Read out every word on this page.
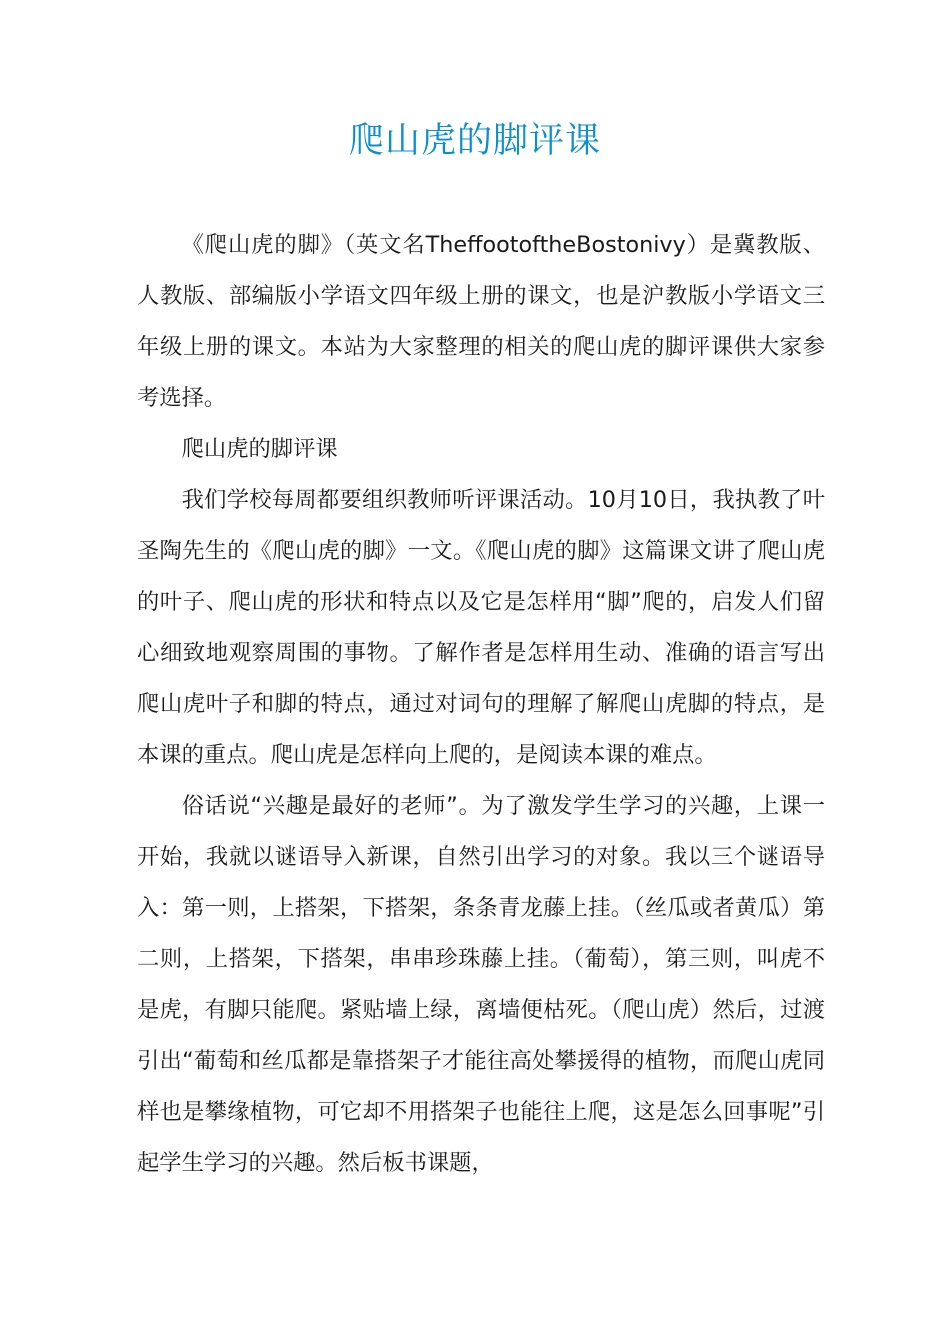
爬山虎的脚评课

《爬山虎的脚》（英文名TheffootoftheBostonivy）是冀教版、人教版、部编版小学语文四年级上册的课文，也是沪教版小学语文三年级上册的课文。本站为大家整理的相关的爬山虎的脚评课供大家参考选择。

爬山虎的脚评课

我们学校每周都要组织教师听评课活动。10月10日，我执教了叶圣陶先生的《爬山虎的脚》一文。《爬山虎的脚》这篇课文讲了爬山虎的叶子、爬山虎的形状和特点以及它是怎样用“脚”爬的，启发人们留心细致地观察周围的事物。了解作者是怎样用生动、准确的语言写出爬山虎叶子和脚的特点，通过对词句的理解了解爬山虎脚的特点，是本课的重点。爬山虎是怎样向上爬的，是阅读本课的难点。

俗话说“兴趣是最好的老师”。为了激发学生学习的兴趣，上课一开始，我就以谜语导入新课，自然引出学习的对象。我以三个谜语导入：第一则，上搭架，下搭架，条条青龙藤上挂。（丝瓜或者黄瓜）第二则，上搭架，下搭架，串串珍珠藤上挂。（葡萄），第三则，叫虎不是虎，有脚只能爬。紧贴墙上绿，离墙便枯死。（爬山虎）然后，过渡引出“葡萄和丝瓜都是靠搭架子才能往高处攀援得的植物，而爬山虎同样也是攀缘植物，可它却不用搭架子也能往上爬，这是怎么回事呢”引起学生学习的兴趣。然后板书课题，
